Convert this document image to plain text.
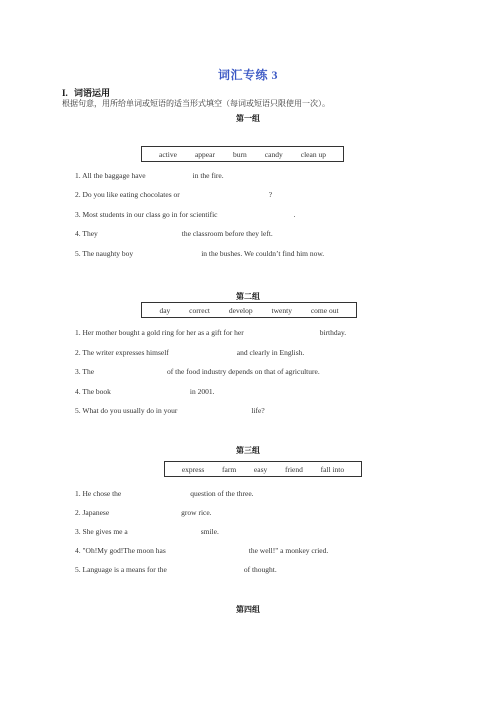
词汇专练 3
I. 词语运用
根据句意，用所给单词或短语的适当形式填空（每词或短语只限使用一次）。
第一组
active appear burn candy clean up
1. All the baggage have	in the fire.
2. Do you like eating chocolates or	?
3. Most students in our class go in for scientific	.
4. They	the classroom before they left.
5. The naughty boy	in the bushes. We couldn’t find him now.
第二组
day	correct	develop	twenty	come out
1. Her mother bought a gold ring for her as a gift for her	birthday.
2. The writer expresses himself	and clearly in English.
3. The	of the food industry depends on that of agriculture.
4. The book	in 2001.
5. What do you usually do in your	life?
第三组
express farm easy friend fall into
1. He chose the	question of the three.
2. Japanese	grow rice.
3. She gives me a	smile.
4. "Oh!My god!The moon has	the well!" a monkey cried.
5. Language is a means for the	of thought.
第四组
